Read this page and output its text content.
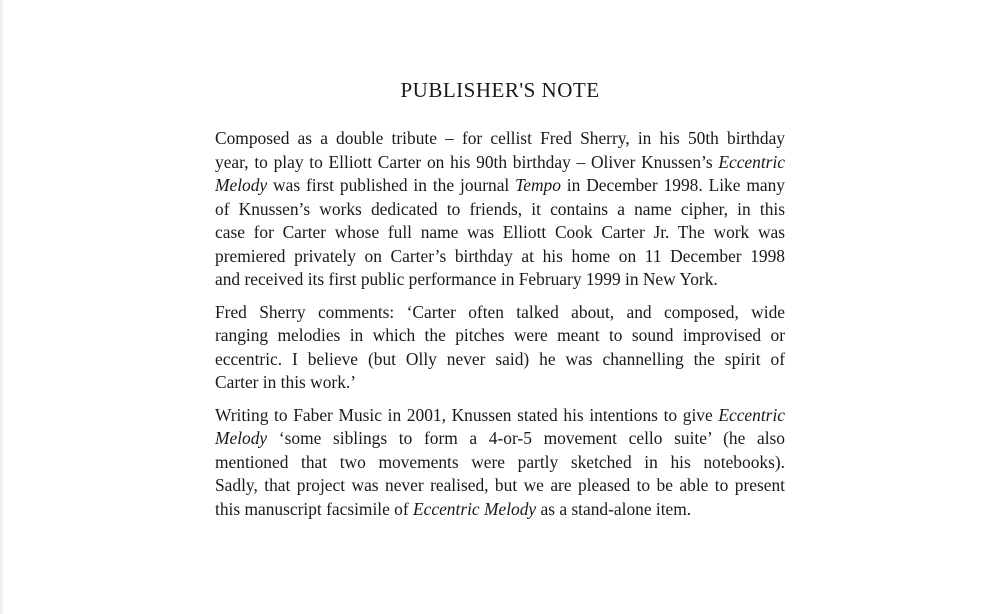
PUBLISHER'S NOTE

Composed as a double tribute – for cellist Fred Sherry, in his 50th birthday
year, to play to Elliott Carter on his 90th birthday – Oliver Knussen’s Eccentric
Melody was first published in the journal Tempo in December 1998. Like many
of Knussen’s works dedicated to friends, it contains a name cipher, in this
case for Carter whose full name was Elliott Cook Carter Jr. The work was
premiered privately on Carter’s birthday at his home on 11 December 1998
and received its first public performance in February 1999 in New York.

Fred Sherry comments: ‘Carter often talked about, and composed, wide
ranging melodies in which the pitches were meant to sound improvised or
eccentric. I believe (but Olly never said) he was channelling the spirit of
Carter in this work.’

Writing to Faber Music in 2001, Knussen stated his intentions to give Eccentric
Melody ‘some siblings to form a 4-or-5 movement cello suite’ (he also
mentioned that two movements were partly sketched in his notebooks).
Sadly, that project was never realised, but we are pleased to be able to present
this manuscript facsimile of Eccentric Melody as a stand-alone item.
